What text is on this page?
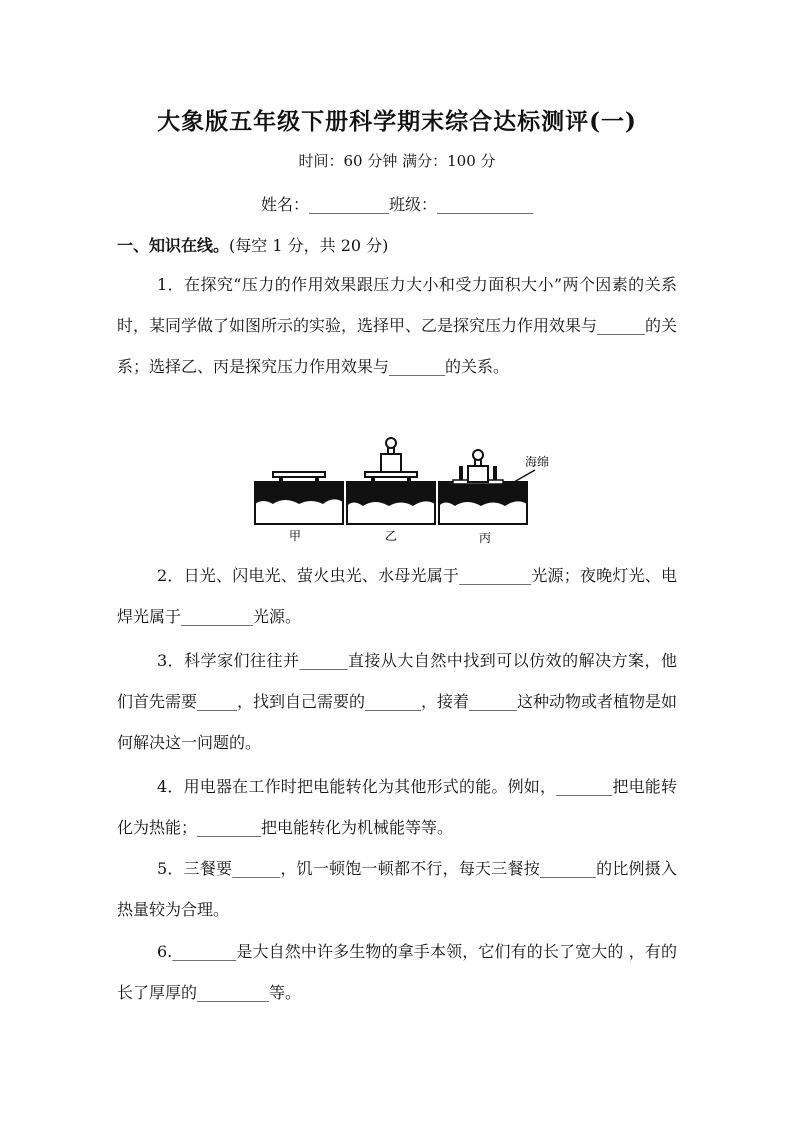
大象版五年级下册科学期末综合达标测评(一)
时间：60 分钟 满分：100 分
姓名：__________班级：____________
一、知识在线。(每空 1 分，共 20 分)
1．在探究“压力的作用效果跟压力大小和受力面积大小”两个因素的关系时，某同学做了如图所示的实验，选择甲、乙是探究压力作用效果与______的关系；选择乙、丙是探究压力作用效果与_______的关系。
甲	乙	丙
海绵
2．日光、闪电光、萤火虫光、水母光属于_________光源；夜晚灯光、电焊光属于_________光源。
3．科学家们往往并______直接从大自然中找到可以仿效的解决方案，他们首先需要_____，找到自己需要的_______，接着______这种动物或者植物是如何解决这一问题的。
4．用电器在工作时把电能转化为其他形式的能。例如，_______把电能转化为热能；________把电能转化为机械能等等。
5．三餐要______，饥一顿饱一顿都不行，每天三餐按_______的比例摄入热量较为合理。
6.________是大自然中许多生物的拿手本领，它们有的长了宽大的 ，有的长了厚厚的_________等。
